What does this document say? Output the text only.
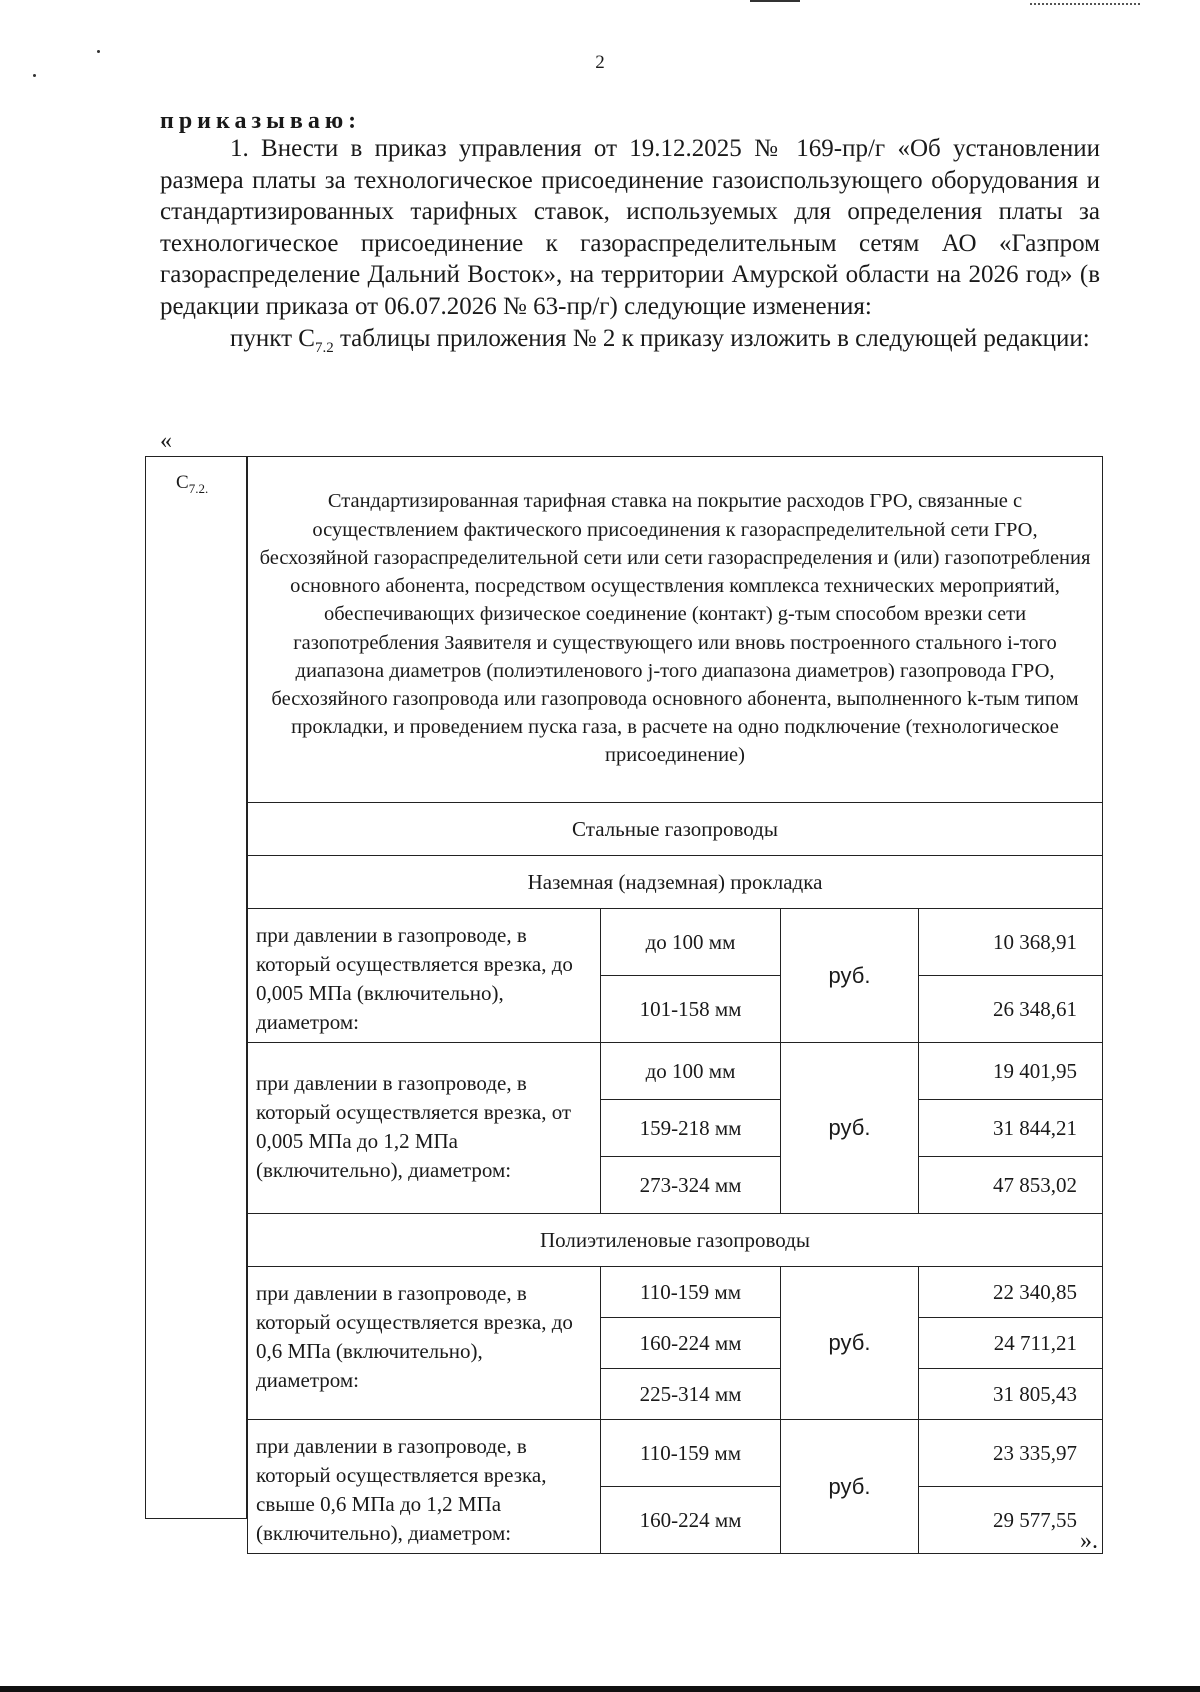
2
приказываю:

1. Внести в приказ управления от 19.12.2025 № 169-пр/г «Об установлении размера платы за технологическое присоединение газоиспользующего оборудования и стандартизированных тарифных ставок, используемых для определения платы за технологическое присоединение к газораспределительным сетям АО «Газпром газораспределение Дальний Восток», на территории Амурской области на 2026 год» (в редакции приказа от 06.07.2026 № 63-пр/г) следующие изменения:

пункт $С_{7.2}$ таблицы приложения № 2 к приказу изложить в следующей редакции:

«
$С_{7.2.}$
Стандартизированная тарифная ставка на покрытие расходов ГРО, связанные с осуществлением фактического присоединения к газораспределительной сети ГРО, бесхозяйной газораспределительной сети или сети газораспределения и (или) газопотребления основного абонента, посредством осуществления комплекса технических мероприятий, обеспечивающих физическое соединение (контакт) g-тым способом врезки сети газопотребления Заявителя и существующего или вновь построенного стального i-того диапазона диаметров (полиэтиленового j-того диапазона диаметров) газопровода ГРО, бесхозяйного газопровода или газопровода основного абонента, выполненного k-тым типом прокладки, и проведением пуска газа, в расчете на одно подключение (технологическое присоединение)			
Стальные газопроводы			
Наземная (надземная) прокладка			
при давлении в газопроводе, в который осуществляется врезка, до 0,005 МПа (включительно), диаметром:	до 100 мм	руб.	10 368,91
	101-158 мм		26 348,61
при давлении в газопроводе, в который осуществляется врезка, от 0,005 МПа до 1,2 МПа (включительно), диаметром:	до 100 мм	руб.	19 401,95
	159-218 мм		31 844,21
	273-324 мм		47 853,02
Полиэтиленовые газопроводы			
при давлении в газопроводе, в который осуществляется врезка, до 0,6 МПа (включительно), диаметром:	110-159 мм	руб.	22 340,85
	160-224 мм		24 711,21
	225-314 мм		31 805,43
при давлении в газопроводе, в который осуществляется врезка, свыше 0,6 МПа до 1,2 МПа (включительно), диаметром:	110-159 мм	руб.	23 335,97
	160-224 мм		29 577,55
».
